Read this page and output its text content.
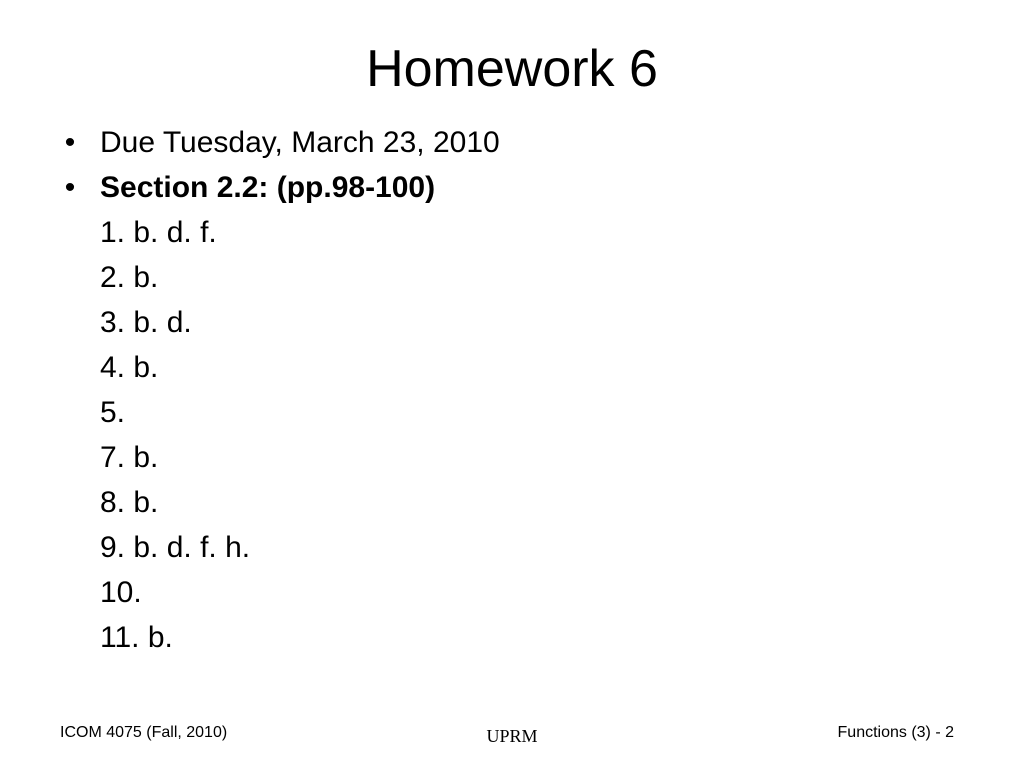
Homework 6
• Due Tuesday, March 23, 2010
• Section 2.2: (pp.98-100)
1. b. d. f.
2. b.
3. b. d.
4. b.
5.
7. b.
8. b.
9. b. d. f. h.
10.
11. b.
ICOM 4075 (Fall, 2010)	UPRM	Functions (3) - 2
